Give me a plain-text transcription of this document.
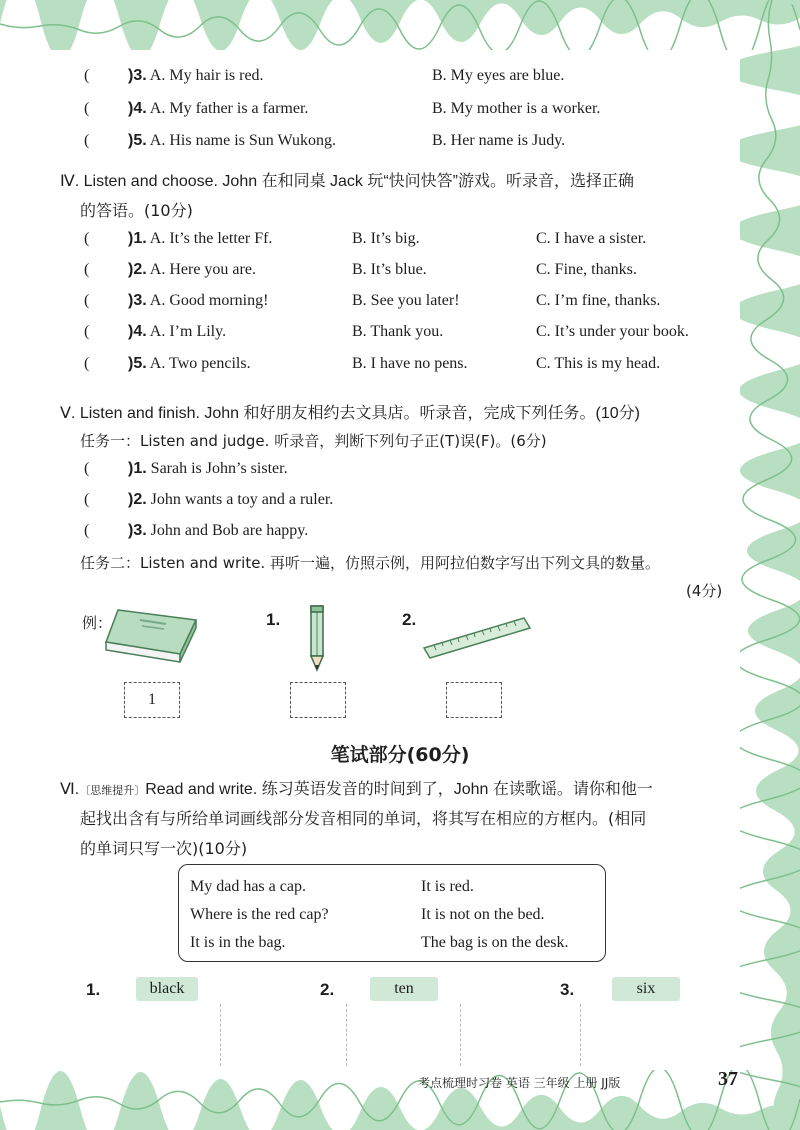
( )3. A. My hair is red.	B. My eyes are blue.
( )4. A. My father is a farmer.	B. My mother is a worker.
( )5. A. His name is Sun Wukong.	B. Her name is Judy.
Ⅳ. Listen and choose. John 在和同桌 Jack 玩“快问快答”游戏。听录音，选择正确
的答语。(10分)
( )1. A. It’s the letter Ff.	B. It’s big.	C. I have a sister.
( )2. A. Here you are.	B. It’s blue.	C. Fine, thanks.
( )3. A. Good morning!	B. See you later!	C. I’m fine, thanks.
( )4. A. I’m Lily.	B. Thank you.	C. It’s under your book.
( )5. A. Two pencils.	B. I have no pens.	C. This is my head.
Ⅴ. Listen and finish. John 和好朋友相约去文具店。听录音，完成下列任务。(10分)
任务一：Listen and judge. 听录音，判断下列句子正(T)误(F)。(6分)
( )1. Sarah is John’s sister.
( )2. John wants a toy and a ruler.
( )3. John and Bob are happy.
任务二：Listen and write. 再听一遍，仿照示例，用阿拉伯数字写出下列文具的数量。
(4分)
例：	1.	2.
1
笔试部分(60分)
Ⅵ.〔思维提升〕Read and write. 练习英语发音的时间到了，John 在读歌谣。请你和他一
起找出含有与所给单词画线部分发音相同的单词，将其写在相应的方框内。(相同
的单词只写一次)(10分)
My dad has a cap.
Where is the red cap?
It is in the bag.
It is red.
It is not on the bed.
The bag is on the desk.
1.	black	2.	ten	3.	six
考点梳理时习卷 英语 三年级 上册 JJ版	37
